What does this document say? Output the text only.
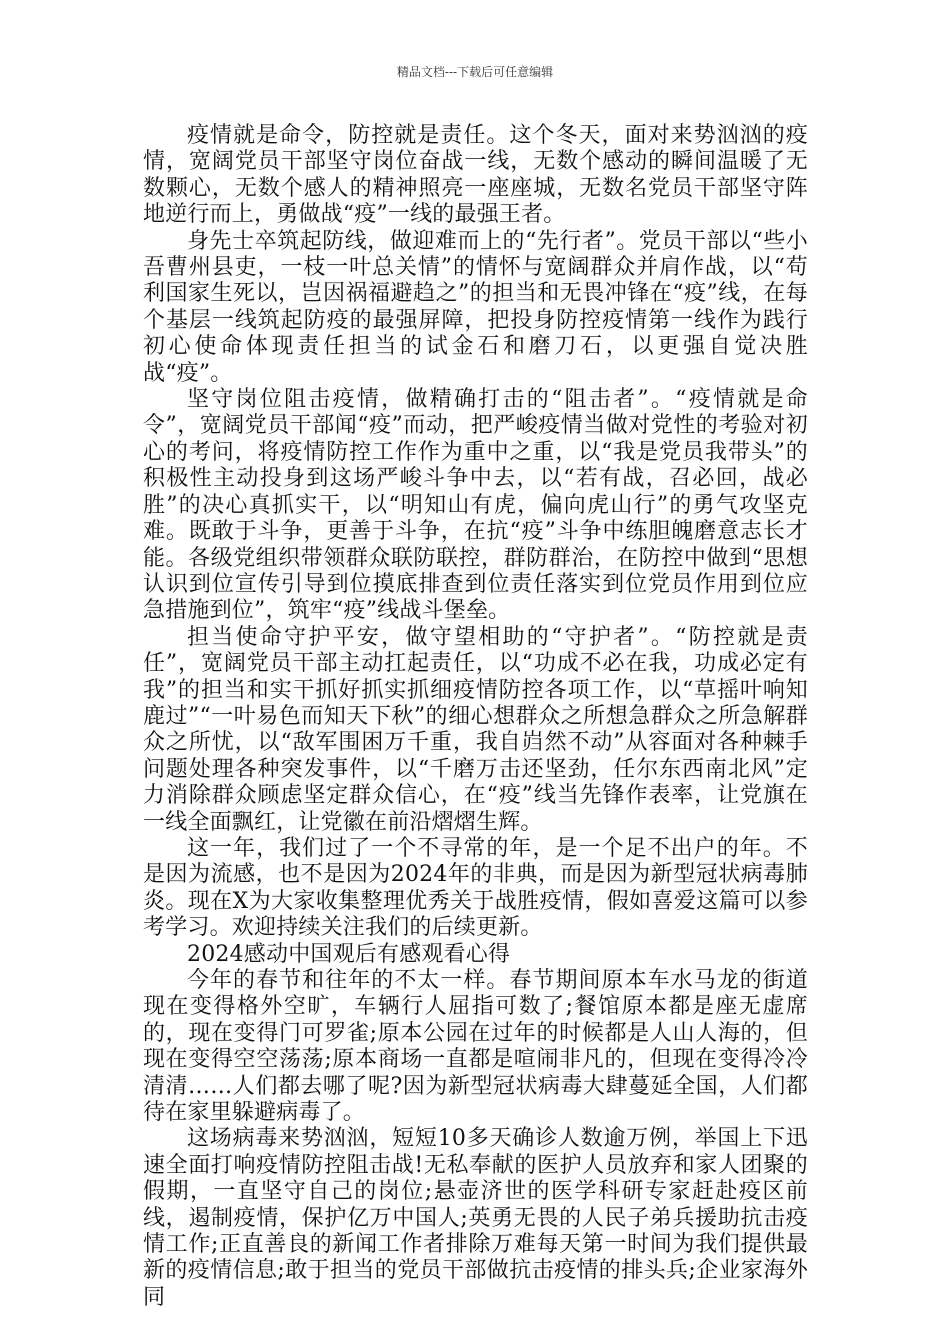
精品文档---下载后可任意编辑

疫情就是命令，防控就是责任。这个冬天，面对来势汹汹的疫情，宽阔党员干部坚守岗位奋战一线，无数个感动的瞬间温暖了无数颗心，无数个感人的精神照亮一座座城，无数名党员干部坚守阵地逆行而上，勇做战“疫”一线的最强王者。

身先士卒筑起防线，做迎难而上的“先行者”。党员干部以“些小吾曹州县吏，一枝一叶总关情”的情怀与宽阔群众并肩作战，以“苟利国家生死以，岂因祸福避趋之”的担当和无畏冲锋在“疫”线，在每个基层一线筑起防疫的最强屏障，把投身防控疫情第一线作为践行初心使命体现责任担当的试金石和磨刀石，以更强自觉决胜战“疫”。

坚守岗位阻击疫情，做精确打击的“阻击者”。“疫情就是命令”，宽阔党员干部闻“疫”而动，把严峻疫情当做对党性的考验对初心的考问，将疫情防控工作作为重中之重，以“我是党员我带头”的积极性主动投身到这场严峻斗争中去，以“若有战，召必回，战必胜”的决心真抓实干，以“明知山有虎，偏向虎山行”的勇气攻坚克难。既敢于斗争，更善于斗争，在抗“疫”斗争中练胆魄磨意志长才能。各级党组织带领群众联防联控，群防群治，在防控中做到“思想认识到位宣传引导到位摸底排查到位责任落实到位党员作用到位应急措施到位”，筑牢“疫”线战斗堡垒。

担当使命守护平安，做守望相助的“守护者”。“防控就是责任”，宽阔党员干部主动扛起责任，以“功成不必在我，功成必定有我”的担当和实干抓好抓实抓细疫情防控各项工作，以“草摇叶响知鹿过”“一叶易色而知天下秋”的细心想群众之所想急群众之所急解群众之所忧，以“敌军围困万千重，我自岿然不动”从容面对各种棘手问题处理各种突发事件，以“千磨万击还坚劲，任尔东西南北风”定力消除群众顾虑坚定群众信心，在“疫”线当先锋作表率，让党旗在一线全面飘红，让党徽在前沿熠熠生辉。

这一年，我们过了一个不寻常的年，是一个足不出户的年。不是因为流感，也不是因为2024年的非典，而是因为新型冠状病毒肺炎。现在X为大家收集整理优秀关于战胜疫情，假如喜爱这篇可以参考学习。欢迎持续关注我们的后续更新。

2024感动中国观后有感观看心得

今年的春节和往年的不太一样。春节期间原本车水马龙的街道现在变得格外空旷，车辆行人屈指可数了;餐馆原本都是座无虚席的，现在变得门可罗雀;原本公园在过年的时候都是人山人海的，但现在变得空空荡荡;原本商场一直都是喧闹非凡的，但现在变得冷冷清清……人们都去哪了呢?因为新型冠状病毒大肆蔓延全国，人们都待在家里躲避病毒了。

这场病毒来势汹汹，短短10多天确诊人数逾万例，举国上下迅速全面打响疫情防控阻击战!无私奉献的医护人员放弃和家人团聚的假期，一直坚守自己的岗位;悬壶济世的医学科研专家赶赴疫区前线，遏制疫情，保护亿万中国人;英勇无畏的人民子弟兵援助抗击疫情工作;正直善良的新闻工作者排除万难每天第一时间为我们提供最新的疫情信息;敢于担当的党员干部做抗击疫情的排头兵;企业家海外同
